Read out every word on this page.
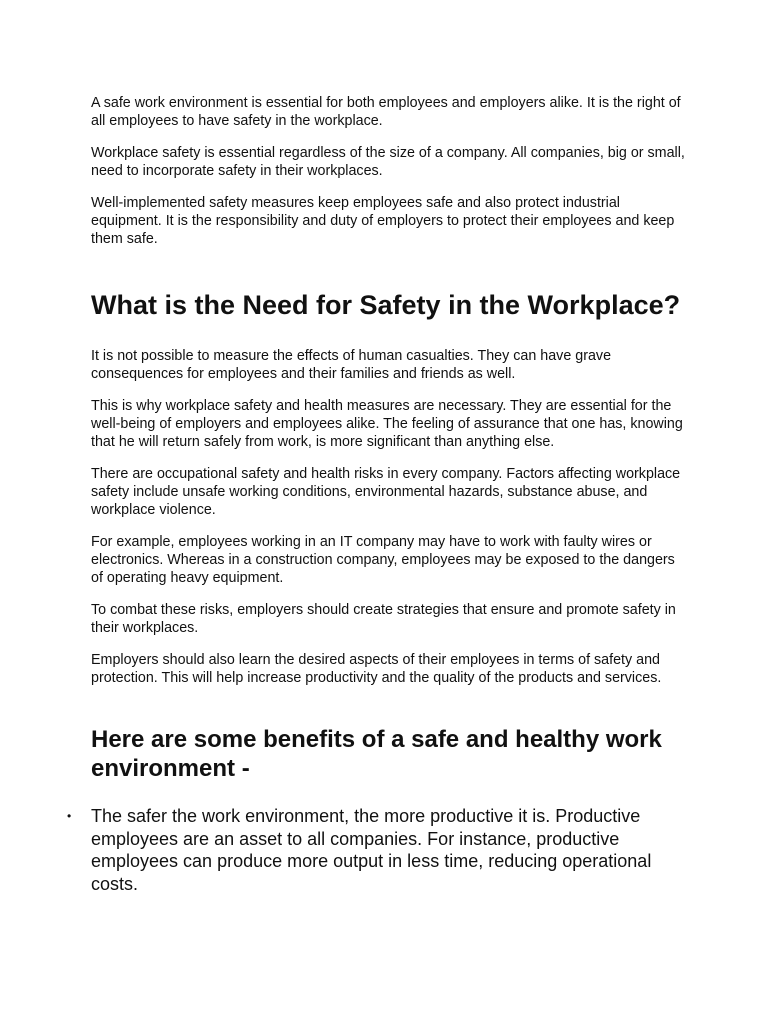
A safe work environment is essential for both employees and employers alike. It is the right of all employees to have safety in the workplace.

Workplace safety is essential regardless of the size of a company. All companies, big or small, need to incorporate safety in their workplaces.

Well-implemented safety measures keep employees safe and also protect industrial equipment. It is the responsibility and duty of employers to protect their employees and keep them safe.

What is the Need for Safety in the Workplace?

It is not possible to measure the effects of human casualties. They can have grave consequences for employees and their families and friends as well.

This is why workplace safety and health measures are necessary. They are essential for the well-being of employers and employees alike. The feeling of assurance that one has, knowing that he will return safely from work, is more significant than anything else.

There are occupational safety and health risks in every company. Factors affecting workplace safety include unsafe working conditions, environmental hazards, substance abuse, and workplace violence.

For example, employees working in an IT company may have to work with faulty wires or electronics. Whereas in a construction company, employees may be exposed to the dangers of operating heavy equipment.

To combat these risks, employers should create strategies that ensure and promote safety in their workplaces.

Employers should also learn the desired aspects of their employees in terms of safety and protection. This will help increase productivity and the quality of the products and services.

Here are some benefits of a safe and healthy work environment -
• The safer the work environment, the more productive it is. Productive employees are an asset to all companies. For instance, productive employees can produce more output in less time, reducing operational costs.
